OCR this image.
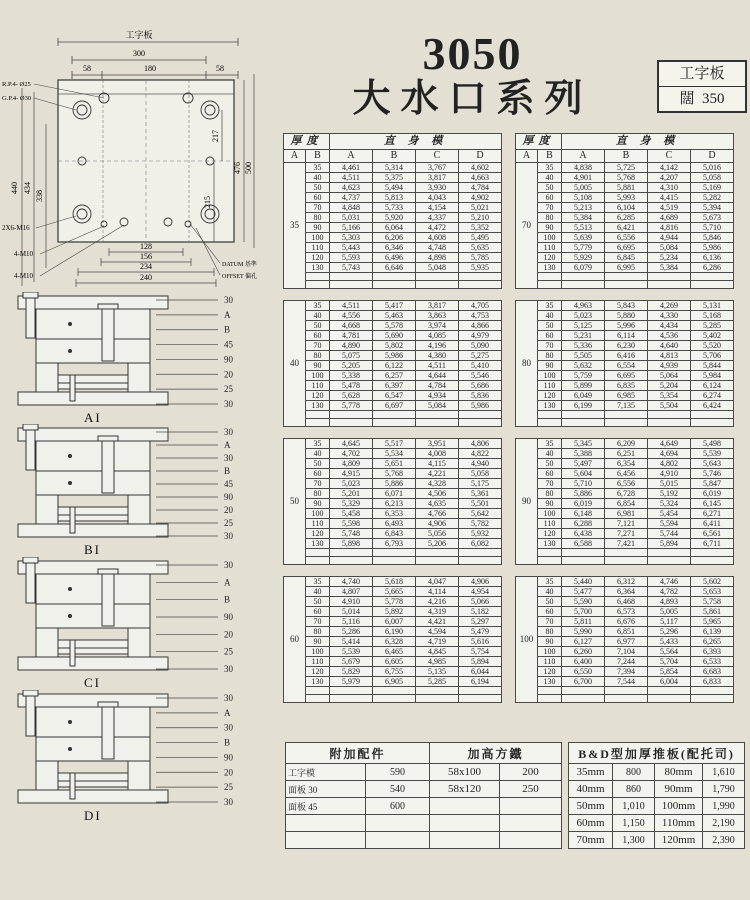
3050
大水口系列
工字板
闊 350
工字板
300
58	180	58
R.P.4- Ø25
G.P.4- Ø30
440 434
338
217
215
476 500
128
156
234
240
2X6-M16
4-M10
4-M10
DATUM 基準
OFFSET 偏孔
30
A
B
45
90
20
25
30
AI
30
A
30
B
45
90
20
25
30
BI
30
A
B
90
20
25
30
CI
30
A
30
B
90
20
25
30
DI
厚度		直 身 模			
A	B	A	B	C	D
35	35	4,461	5,314	3,767	4,602
	40	4,511	5,375	3,817	4,663
	50	4,623	5,494	3,930	4,784
	60	4,737	5,813	4,043	4,902
	70	4,848	5,733	4,154	5,021
	80	5,031	5,920	4,337	5,210
	90	5,166	6,064	4,472	5,352
	100	5,303	6,206	4,608	5,495
	110	5,443	6,346	4,748	5,635
	120	5,593	6,496	4,898	5,785
	130	5,743	6,646	5,048	5,935

40	35	4,511	5,417	3,817	4,705
	40	4,556	5,463	3,863	4,753
	50	4,668	5,578	3,974	4,866
	60	4,781	5,690	4,085	4,979
	70	4,890	5,802	4,196	5,090
	80	5,075	5,986	4,380	5,275
	90	5,205	6,122	4,511	5,410
	100	5,338	6,257	4,644	5,546
	110	5,478	6,397	4,784	5,686
	120	5,628	6,547	4,934	5,836
	130	5,778	6,697	5,084	5,986

50	35	4,645	5,517	3,951	4,806
	40	4,702	5,534	4,008	4,822
	50	4,809	5,651	4,115	4,940
	60	4,915	5,768	4,221	5,058
	70	5,023	5,886	4,328	5,175
	80	5,201	6,071	4,506	5,361
	90	5,329	6,213	4,635	5,501
	100	5,458	6,353	4,766	5,642
	110	5,598	6,493	4,906	5,782
	120	5,748	6,843	5,056	5,932
	130	5,898	6,793	5,206	6,082

60	35	4,740	5,618	4,047	4,906
	40	4,807	5,665	4,114	4,954
	50	4,910	5,778	4,216	5,066
	60	5,014	5,892	4,319	5,182
	70	5,116	6,007	4,421	5,297
	80	5,286	6,190	4,594	5,479
	90	5,414	6,328	4,719	5,616
	100	5,539	6,465	4,845	5,754
	110	5,679	6,605	4,985	5,894
	120	5,829	6,755	5,135	6,044
	130	5,979	6,905	5,285	6,194

厚度		直 身 模			
A	B	A	B	C	D
70	35	4,838	5,725	4,142	5,016
	40	4,901	5,768	4,207	5,058
	50	5,005	5,881	4,310	5,169
	60	5,108	5,993	4,415	5,282
	70	5,213	6,104	4,519	5,394
	80	5,384	6,285	4,689	5,673
	90	5,513	6,421	4,816	5,710
	100	5,639	6,556	4,944	5,846
	110	5,779	6,695	5,084	5,986
	120	5,929	6,845	5,234	6,136
	130	6,079	6,995	5,384	6,286

80	35	4,963	5,843	4,269	5,131
	40	5,023	5,880	4,330	5,168
	50	5,125	5,996	4,434	5,285
	60	5,231	6,114	4,536	5,402
	70	5,336	6,230	4,640	5,520
	80	5,505	6,416	4,813	5,706
	90	5,632	6,554	4,939	5,844
	100	5,759	6,695	5,064	5,984
	110	5,899	6,835	5,204	6,124
	120	6,049	6,985	5,354	6,274
	130	6,199	7,135	5,504	6,424

90	35	5,345	6,209	4,649	5,498
	40	5,388	6,251	4,694	5,539
	50	5,497	6,354	4,802	5,643
	60	5,604	6,456	4,910	5,746
	70	5,710	6,556	5,015	5,847
	80	5,886	6,728	5,192	6,019
	90	6,019	6,854	5,324	6,145
	100	6,148	6,981	5,454	6,271
	110	6,288	7,121	5,594	6,411
	120	6,438	7,271	5,744	6,561
	130	6,588	7,421	5,894	6,711

100	35	5,440	6,312	4,746	5,602
	40	5,477	6,364	4,782	5,653
	50	5,590	6,468	4,893	5,758
	60	5,700	6,573	5,005	5,861
	70	5,811	6,676	5,117	5,965
	80	5,990	6,851	5,296	6,139
	90	6,127	6,977	5,433	6,265
	100	6,260	7,104	5,564	6,393
	110	6,400	7,244	5,704	6,533
	120	6,550	7,394	5,854	6,683
	130	6,700	7,544	6,004	6,833

附加配件		加高方鐵	
工字模	590	58x100	200
面板 30	540	58x120	250
面板 45	600		

B&D型加厚推板(配托司)			
35mm	800	80mm	1,610
40mm	860	90mm	1,790
50mm	1,010	100mm	1,990
60mm	1,150	110mm	2,190
70mm	1,300	120mm	2,390
